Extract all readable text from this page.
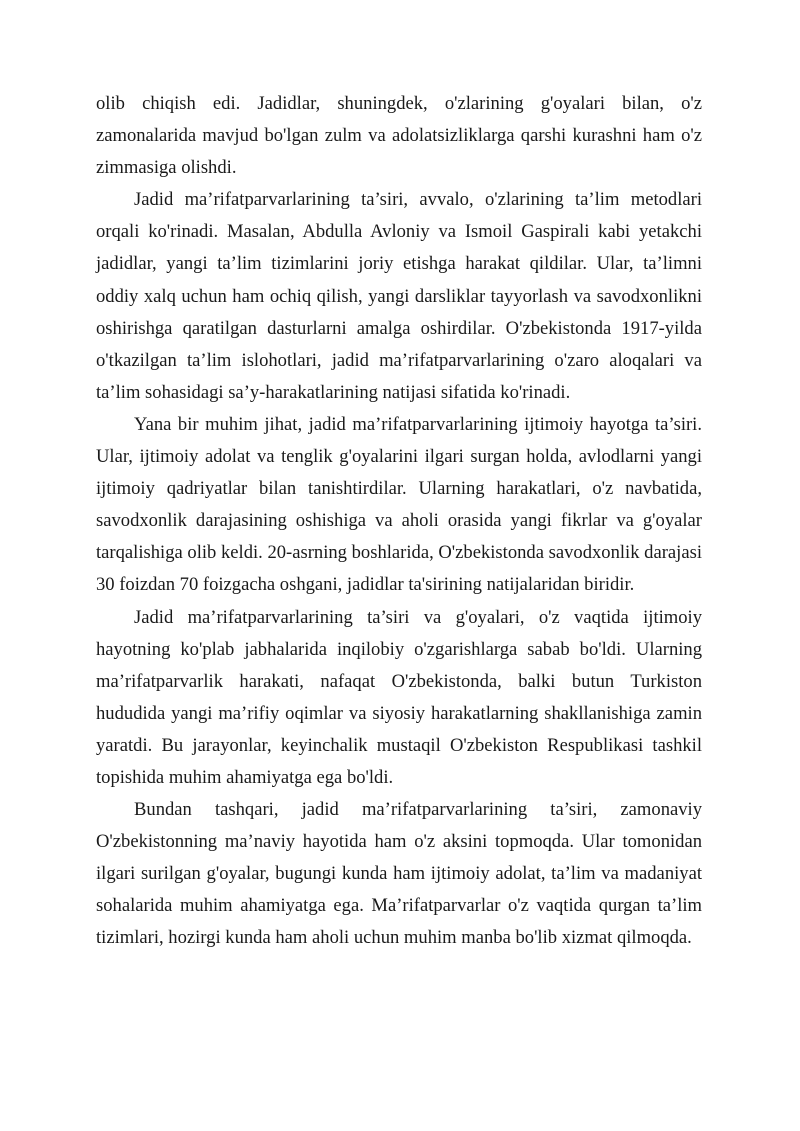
olib chiqish edi. Jadidlar, shuningdek, o'zlarining g'oyalari bilan, o'z zamonalarida mavjud bo'lgan zulm va adolatsizliklarga qarshi kurashni ham o'z zimmasiga olishdi.

Jadid ma’rifatparvarlarining ta’siri, avvalo, o'zlarining ta’lim metodlari orqali ko'rinadi. Masalan, Abdulla Avloniy va Ismoil Gaspirali kabi yetakchi jadidlar, yangi ta’lim tizimlarini joriy etishga harakat qildilar. Ular, ta’limni oddiy xalq uchun ham ochiq qilish, yangi darsliklar tayyorlash va savodxonlikni oshirishga qaratilgan dasturlarni amalga oshirdilar. O'zbekistonda 1917-yilda o'tkazilgan ta’lim islohotlari, jadid ma’rifatparvarlarining o'zaro aloqalari va ta’lim sohasidagi sa’y-harakatlarining natijasi sifatida ko'rinadi.

Yana bir muhim jihat, jadid ma’rifatparvarlarining ijtimoiy hayotga ta’siri. Ular, ijtimoiy adolat va tenglik g'oyalarini ilgari surgan holda, avlodlarni yangi ijtimoiy qadriyatlar bilan tanishtirdilar. Ularning harakatlari, o'z navbatida, savodxonlik darajasining oshishiga va aholi orasida yangi fikrlar va g'oyalar tarqalishiga olib keldi. 20-asrning boshlarida, O'zbekistonda savodxonlik darajasi 30 foizdan 70 foizgacha oshgani, jadidlar ta'sirining natijalaridan biridir.

Jadid ma’rifatparvarlarining ta’siri va g'oyalari, o'z vaqtida ijtimoiy hayotning ko'plab jabhalarida inqilobiy o'zgarishlarga sabab bo'ldi. Ularning ma’rifatparvarlik harakati, nafaqat O'zbekistonda, balki butun Turkiston hududida yangi ma’rifiy oqimlar va siyosiy harakatlarning shakllanishiga zamin yaratdi. Bu jarayonlar, keyinchalik mustaqil O'zbekiston Respublikasi tashkil topishida muhim ahamiyatga ega bo'ldi.

Bundan tashqari, jadid ma’rifatparvarlarining ta’siri, zamonaviy O'zbekistonning ma’naviy hayotida ham o'z aksini topmoqda. Ular tomonidan ilgari surilgan g'oyalar, bugungi kunda ham ijtimoiy adolat, ta’lim va madaniyat sohalarida muhim ahamiyatga ega. Ma’rifatparvarlar o'z vaqtida qurgan ta’lim tizimlari, hozirgi kunda ham aholi uchun muhim manba bo'lib xizmat qilmoqda.
